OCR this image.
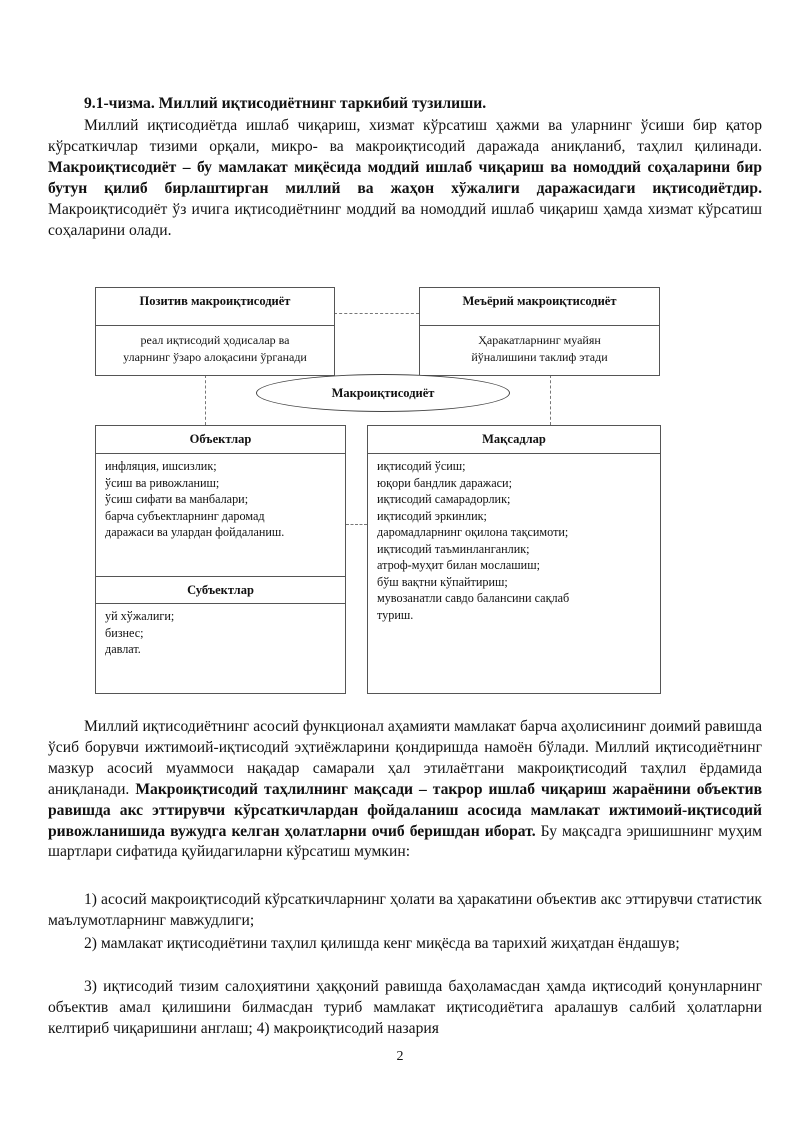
9.1-чизма. Миллий иқтисодиётнинг таркибий тузилиши.

Миллий иқтисодиётда ишлаб чиқариш, хизмат кўрсатиш ҳажми ва уларнинг ўсиши бир қатор кўрсаткичлар тизими орқали, микро- ва макроиқтисодий даражада аниқланиб, таҳлил қилинади. Макроиқтисодиёт – бу мамлакат миқёсида моддий ишлаб чиқариш ва номоддий соҳаларини бир бутун қилиб бирлаштирган миллий ва жаҳон хўжалиги даражасидаги иқтисодиётдир. Макроиқтисодиёт ўз ичига иқтисодиётнинг моддий ва номоддий ишлаб чиқариш ҳамда хизмат кўрсатиш соҳаларини олади.

Позитив макроиқтисодиёт
реал иқтисодий ҳодисалар ва
уларнинг ўзаро алоқасини ўрганади
Меъёрий макроиқтисодиёт
Ҳаракатларнинг муайян
йўналишини таклиф этади
Макроиқтисодиёт
Объектлар
инфляция, ишсизлик;
ўсиш ва ривожланиш;
ўсиш сифати ва манбалари;
барча субъектларнинг даромад
даражаси ва улардан фойдаланиш.
Субъектлар
уй хўжалиги;
бизнес;
давлат.
Мақсадлар
иқтисодий ўсиш;
юқори бандлик даражаси;
иқтисодий самарадорлик;
иқтисодий эркинлик;
даромадларнинг оқилона тақсимоти;
иқтисодий таъминланганлик;
атроф-муҳит билан мослашиш;
бўш вақтни кўпайтириш;
мувозанатли савдо балансини сақлаб
туриш.

Миллий иқтисодиётнинг асосий функционал аҳамияти мамлакат барча аҳолисининг доимий равишда ўсиб борувчи ижтимоий-иқтисодий эҳтиёжларини қондиришда намоён бўлади. Миллий иқтисодиётнинг мазкур асосий муаммоси нақадар самарали ҳал этилаётгани макроиқтисодий таҳлил ёрдамида аниқланади. Макроиқтисодий таҳлилнинг мақсади – такрор ишлаб чиқариш жараёнини объектив равишда акс эттирувчи кўрсаткичлардан фойдаланиш асосида мамлакат ижтимоий-иқтисодий ривожланишида вужудга келган ҳолатларни очиб беришдан иборат. Бу мақсадга эришишнинг муҳим шартлари сифатида қуйидагиларни кўрсатиш мумкин:

1) асосий макроиқтисодий кўрсаткичларнинг ҳолати ва ҳаракатини объектив акс эттирувчи статистик маълумотларнинг мавжудлиги;

2) мамлакат иқтисодиётини таҳлил қилишда кенг миқёсда ва тарихий жиҳатдан ёндашув;

3) иқтисодий тизим салоҳиятини ҳаққоний равишда баҳоламасдан ҳамда иқтисодий қонунларнинг объектив амал қилишини билмасдан туриб мамлакат иқтисодиётига аралашув салбий ҳолатларни келтириб чиқаришини англаш; 4) макроиқтисодий назария

2
